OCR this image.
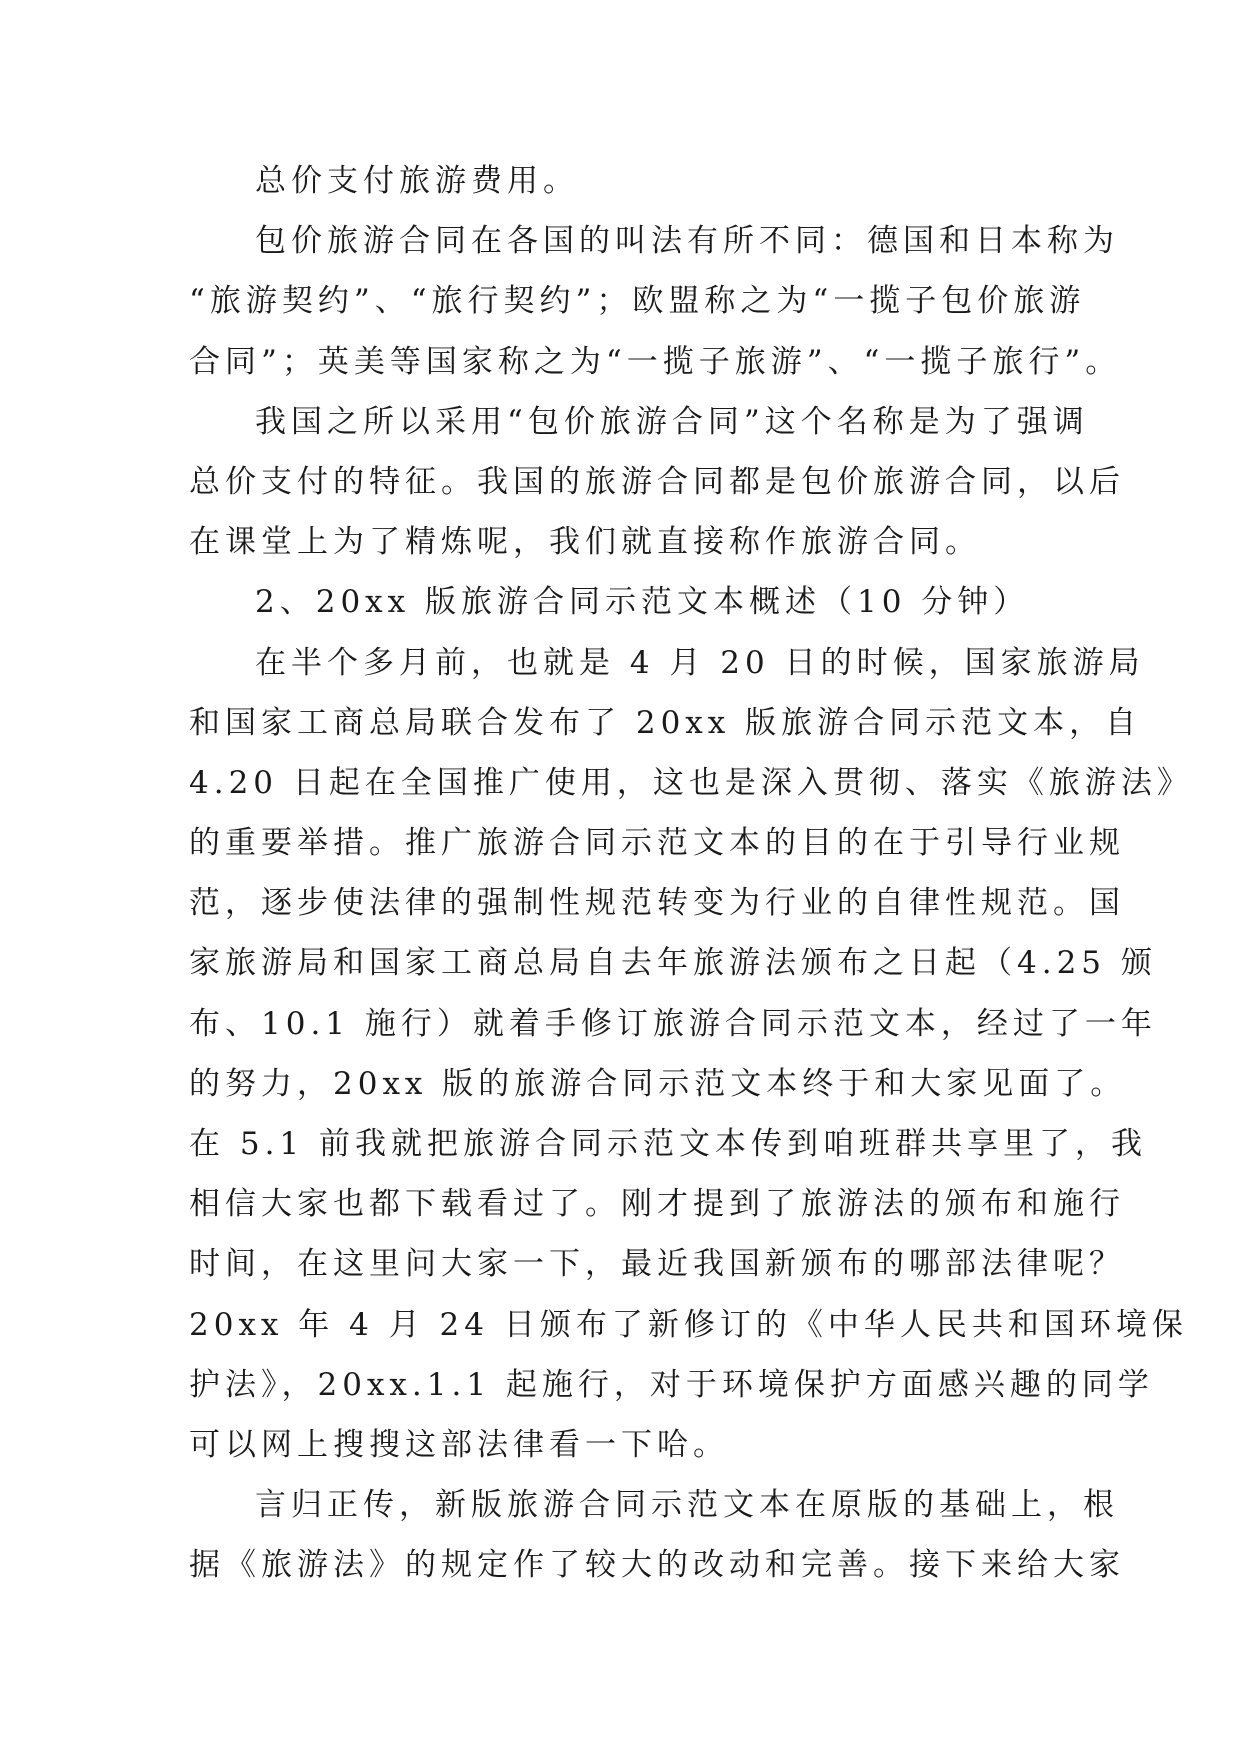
总价支付旅游费用。
包价旅游合同在各国的叫法有所不同：德国和日本称为
“旅游契约”、“旅行契约”；欧盟称之为“一揽子包价旅游
合同”；英美等国家称之为“一揽子旅游”、“一揽子旅行”。
我国之所以采用“包价旅游合同”这个名称是为了强调
总价支付的特征。我国的旅游合同都是包价旅游合同，以后
在课堂上为了精炼呢，我们就直接称作旅游合同。
2、20xx 版旅游合同示范文本概述（10 分钟）
在半个多月前，也就是 4 月 20 日的时候，国家旅游局
和国家工商总局联合发布了 20xx 版旅游合同示范文本，自
4.20 日起在全国推广使用，这也是深入贯彻、落实《旅游法》
的重要举措。推广旅游合同示范文本的目的在于引导行业规
范，逐步使法律的强制性规范转变为行业的自律性规范。国
家旅游局和国家工商总局自去年旅游法颁布之日起（4.25 颁
布、10.1 施行）就着手修订旅游合同示范文本，经过了一年
的努力，20xx 版的旅游合同示范文本终于和大家见面了。
在 5.1 前我就把旅游合同示范文本传到咱班群共享里了，我
相信大家也都下载看过了。刚才提到了旅游法的颁布和施行
时间，在这里问大家一下，最近我国新颁布的哪部法律呢？
20xx 年 4 月 24 日颁布了新修订的《中华人民共和国环境保
护法》，20xx.1.1 起施行，对于环境保护方面感兴趣的同学
可以网上搜搜这部法律看一下哈。
言归正传，新版旅游合同示范文本在原版的基础上，根
据《旅游法》的规定作了较大的改动和完善。接下来给大家
